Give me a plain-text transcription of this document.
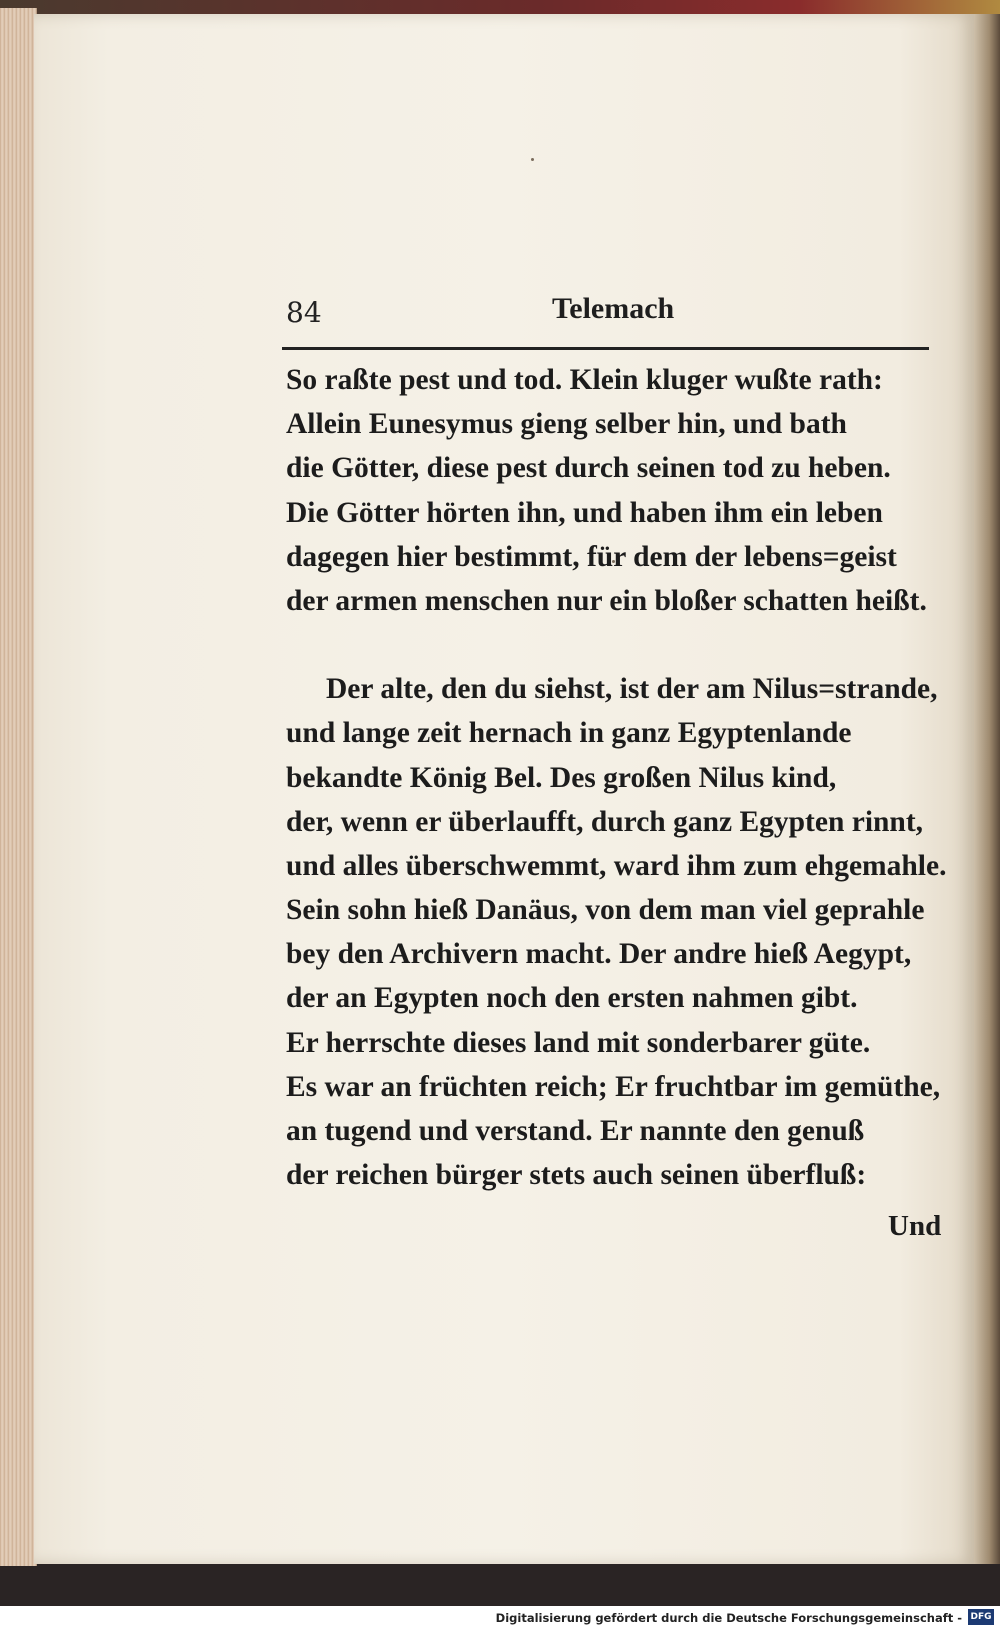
84	Telemach
So raßte pest und tod. Klein kluger wußte rath:
Allein Eunesymus gieng selber hin, und bath
die Götter, diese pest durch seinen tod zu heben.
Die Götter hörten ihn, und haben ihm ein leben
dagegen hier bestimmt, für dem der lebens=geist
der armen menschen nur ein bloßer schatten heißt.
Der alte, den du siehst, ist der am Nilus=strande,
und lange zeit hernach in ganz Egyptenlande
bekandte König Bel. Des großen Nilus kind,
der, wenn er überlaufft, durch ganz Egypten rinnt,
und alles überschwemmt, ward ihm zum ehgemahle.
Sein sohn hieß Danäus, von dem man viel geprahle
bey den Archivern macht. Der andre hieß Aegypt,
der an Egypten noch den ersten nahmen gibt.
Er herrschte dieses land mit sonderbarer güte.
Es war an früchten reich; Er fruchtbar im gemüthe,
an tugend und verstand. Er nannte den genuß
der reichen bürger stets auch seinen überfluß:
Und
Digitalisierung gefördert durch die Deutsche Forschungsgemeinschaft - DFG
